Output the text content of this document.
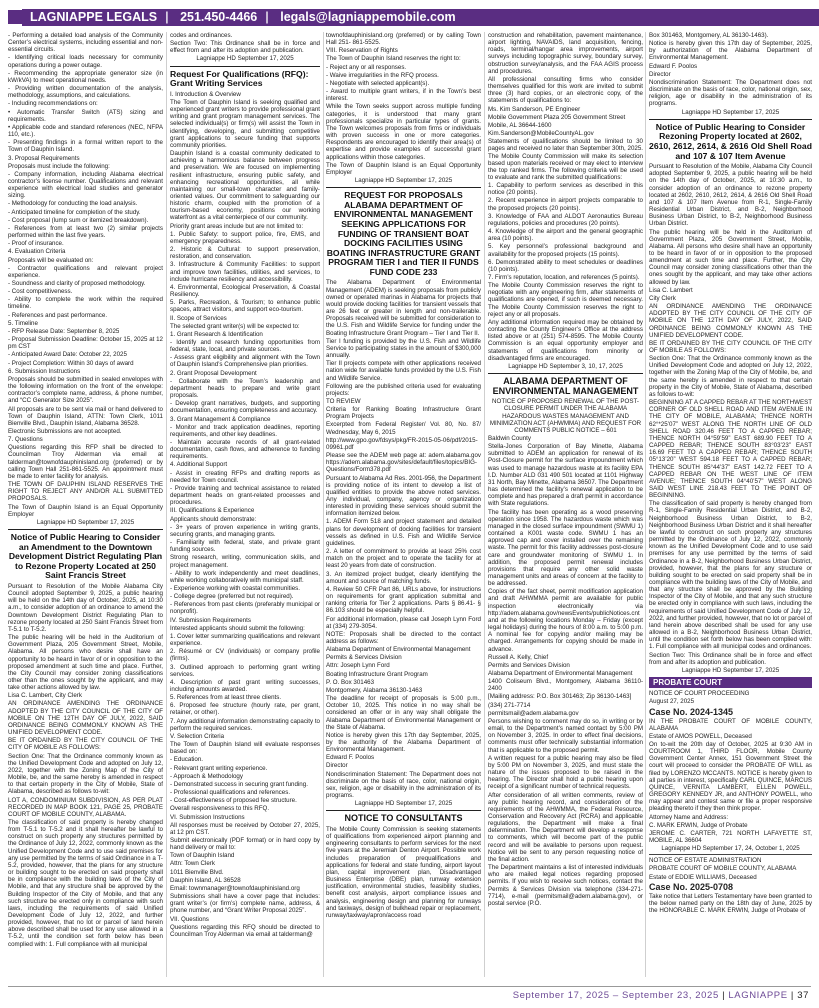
LAGNIAPPE LEGALS | 251.450-4466 | legals@lagniappemobile.com

- Performing a detailed load analysis of the Community Center’s electrical systems, including essential and non-essential circuits.

- Identifying critical loads necessary for community operations during a power outage.

- Recommending the appropriate generator size (in kW/kVA) to meet operational needs.

- Providing written documentation of the analysis, methodology, assumptions, and calculations.

- Including recommendations on:

• Automatic Transfer Switch (ATS) sizing and requirements.

• Applicable code and standard references (NEC, NFPA 110, etc.).

- Presenting findings in a formal written report to the Town of Dauphin Island.

3. Proposal Requirements

Proposals must include the following:

- Company information, including Alabama electrical contractor’s license number. Qualifications and relevant experience with electrical load studies and generator sizing.

- Methodology for conducting the load analysis.

- Anticipated timeline for completion of the study.

- Cost proposal (lump sum or itemized breakdown).

- References from at least two (2) similar projects performed within the last five years.

- Proof of insurance.

4. Evaluation Criteria

Proposals will be evaluated on:

- Contractor qualifications and relevant project experience.

- Soundness and clarity of proposed methodology.

- Cost competitiveness.

- Ability to complete the work within the required timeline.

- References and past performance.

5. Timeline

- RFP Release Date: September 8, 2025

- Proposal Submission Deadline: October 15, 2025 at 12 pm CST

- Anticipated Award Date: October 22, 2025

- Project Completion: Within 30 days of award

6. Submission Instructions

Proposals should be submitted in sealed envelopes with the following information on the front of the envelope: contractor’s complete name, address, & phone number, and “CC Generator Size 2025”.

All proposals are to be sent via mail or hand delivered to Town of Dauphin Island, ATTN: Town Clerk, 1011 Bienville Blvd., Dauphin Island, Alabama 36528.

Electronic Submissions are not accepted.

7. Questions

Questions regarding this RFP shall be directed to Councilman Troy Alderman via email at talderman@townofdauphinisland.org (preferred) or by calling Town Hall 251-861-5525. An appointment must be made to enter facility for analysis.

THE TOWN OF DAUPHIN ISLAND RESERVES THE RIGHT TO REJECT ANY AND/OR ALL SUBMITTED PROPOSALS.

The Town of Dauphin Island is an Equal Opportunity Employer

Lagniappe HD September 17, 2025

Notice of Public Hearing to Consider an Amendment to the Downtown Development District Regulating Plan to Rezone Property Located at 250 Saint Francis Street

Pursuant to Resolution of the Mobile Alabama City Council adopted September 9, 2025, a public hearing will be held on the 14th day of October, 2025, at 10:30 a.m., to consider adoption of an ordinance to amend the Downtown Development District Regulating Plan to rezone property located at 250 Saint Francis Street from T-5.1 to T-5.2.

The public hearing will be held in the Auditorium of Government Plaza, 205 Government Street, Mobile, Alabama. All persons who desire shall have an opportunity to be heard in favor of or in opposition to the proposed amendment at such time and place. Further, the City Council may consider zoning classifications other than the ones sought by the applicant, and may take other actions allowed by law.

Lisa C. Lambert, City Clerk

AN ORDINANCE AMENDING THE ORDINANCE ADOPTED BY THE CITY COUNCIL OF THE CITY OF MOBILE ON THE 12TH DAY OF JULY, 2022, SAID ORDINANCE BEING COMMONLY KNOWN AS THE UNIFIED DEVELOPMENT CODE.

BE IT ORDAINED BY THE CITY COUNCIL OF THE CITY OF MOBILE AS FOLLOWS:

Section One: That the Ordinance commonly known as the Unified Development Code and adopted on July 12, 2022, together with the Zoning Map of the City of Mobile, be, and the same hereby is amended in respect to that certain property in the City of Mobile, State of Alabama, described as follows to-wit:

LOT A, CONDOMINIUM SUBDIVISION, AS PER PLAT RECORDED IN MAP BOOK 121, PAGE 25, PROBATE COURT OF MOBILE COUNTY, ALABAMA.

The classification of said property is hereby changed from T-5.1 to T-5.2 and it shall hereafter be lawful to construct on such property any structures permitted by the Ordinance of July 12, 2022, commonly known as the Unified Development Code and to use said premises for any use permitted by the terms of said Ordinance in a T-5.2, provided, however, that the plans for any structure or building sought to be erected on said property shall be in compliance with the building laws of the City of Mobile, and that any structure shall be approved by the Building Inspector of the City of Mobile, and that any such structure be erected only in compliance with such laws, including the requirements of said Unified Development Code of July 12, 2022, and further provided, however, that no lot or parcel of land herein above described shall be used for any use allowed in a T-5.2, until the condition set forth below has been complied with: 1. Full compliance with all municipal

codes and ordinances.

Section Two: This Ordinance shall be in force and effect from and after its adoption and publication.

Lagniappe HD September 17, 2025

Request For Qualifications (RFQ): Grant Writing Services

I. Introduction & Overview

The Town of Dauphin Island is seeking qualified and experienced grant writers to provide professional grant writing and grant program management services. The selected individual(s) or firm(s) will assist the Town in identifying, developing, and submitting competitive grant applications to secure funding that supports community priorities.

Dauphin Island is a coastal community dedicated to achieving a harmonious balance between progress and preservation. We are focused on implementing resilient infrastructure, ensuring public safety, and enhancing recreational opportunities, all while maintaining our small-town character and family-oriented values. Our commitment to safeguarding our historic charm, coupled with the promotion of a tourism-based economy, positions our working waterfront as a vital centerpiece of our community.

Priority grant areas include but are not limited to:

1. Public Safety: to support police, fire, EMS, and emergency preparedness.

2. Historic & Cultural: to support preservation, restoration, and conservation.

3. Infrastructure & Community Facilities: to support and improve town facilities, utilities, and services, to include hurricane resiliency and accessibility.

4. Environmental, Ecological Preservation, & Coastal Resiliency.

5. Parks, Recreation, & Tourism; to enhance public spaces, attract visitors, and support eco-tourism.

II. Scope of Services

The selected grant writer(s) will be expected to:

1. Grant Research & Identification

- Identify and research funding opportunities from federal, state, local, and private sources.

- Assess grant eligibility and alignment with the Town of Dauphin Island’s Comprehensive plan priorities.

2. Grant Proposal Development

- Collaborate with the Town’s leadership and department heads to prepare and write grant proposals.

- Develop grant narratives, budgets, and supporting documentation, ensuring completeness and accuracy.

3. Grant Management & Compliance

- Monitor and track application deadlines, reporting requirements, and other key deadlines.

- Maintain accurate records of all grant-related documentation, cash flows, and adherence to funding requirements.

4. Additional Support

- Assist in creating RFPs and drafting reports as needed for Town council.

- Provide training and technical assistance to related department heads on grant-related processes and procedures.

III. Qualifications & Experience

Applicants should demonstrate:

- 3+ years of proven experience in writing grants, securing grants, and managing grants.

- Familiarity with federal, state, and private grant funding sources.

Strong research, writing, communication skills, and project management.

- Ability to work independently and meet deadlines, while working collaboratively with municipal staff.

- Experience working with coastal communities.

- College degree (preferred but not required).

- References from past clients (preferably municipal or nonprofit).

IV. Submission Requirements

Interested applicants should submit the following:

1. Cover letter summarizing qualifications and relevant experience.

2. Résumé or CV (individuals) or company profile (firms).

3. Outlined approach to performing grant writing services.

4. Description of past grant writing successes, including amounts awarded.

5. References from at least three clients.

6. Proposed fee structure (hourly rate, per grant, retainer, or other).

7. Any additional information demonstrating capacity to perform the required services.

V. Selection Criteria

The Town of Dauphin Island will evaluate responses based on:

- Education.

- Relevant grant writing experience.

- Approach & Methodology

- Demonstrated success in securing grant funding.

- Professional qualifications and references.

- Cost-effectiveness of proposed fee structure.

Overall responsiveness to this RFQ.

VI. Submission Instructions

All responses must be received by October 27, 2025, at 12 pm CST.

Submit electronically (PDF format) or in hard copy by hand delivery or mail to:

Town of Dauphin Island

Attn: Town Clerk

1011 Bienville Blvd.

Dauphin Island, AL 36528

Email: townmanager@townofdauphinisland.org

Submissions shall have a cover page that includes: grant writer’s (or firm’s) complete name, address, & phone number, and “Grant Writer Proposal 2025”.

VII. Questions

Questions regarding this RFQ should be directed to Councilman Troy Alderman via email at talderman@

townofdauphinisland.org (preferred) or by calling Town Hall 251- 861-5525.

VIII. Reservation of Rights

The Town of Dauphin Island reserves the right to:

- Reject any or all responses.

- Waive irregularities in the RFQ process.

- Negotiate with selected applicant(s).

- Award to multiple grant writers, if in the Town’s best interest.

While the Town seeks support across multiple funding categories, it is understood that many grant professionals specialize in particular types of grants. The Town welcomes proposals from firms or individuals with proven success in one or more categories. Respondents are encouraged to identify their area(s) of expertise and provide examples of successful grant applications within those categories.

The Town of Dauphin Island is an Equal Opportunity Employer

Lagniappe HD September 17, 2025

REQUEST FOR PROPOSALS ALABAMA DEPARTMENT OF ENVIRONMENTAL MANAGEMENT SEEKING APPLICATIONS FOR FUNDING OF TRANSIENT BOAT DOCKING FACILITIES USING BOATING INFRASTRUCTURE GRANT PROGRAM TIER I and TIER II FUNDS FUND CODE 233

The Alabama Department of Environmental Management (ADEM) is seeking proposals from publicly owned or operated marinas in Alabama for projects that would provide docking facilities for transient vessels that are 26 feet or greater in length and non-trailerable. Proposals received will be submitted for consideration to the U.S. Fish and Wildlife Service for funding under the Boating Infrastructure Grant Program – Tier I and Tier II.

Tier I funding is provided by the U.S. Fish and Wildlife Service to participating states in the amount of $300,000 annually.

Tier II projects compete with other applications received nation wide for available funds provided by the U.S. Fish and Wildlife Service.

Following are the published criteria used for evaluating projects:

TO REVIEW

Criteria for Ranking Boating Infrastructure Grant Program Projects

Excerpted from Federal Register/ Vol. 80, No. 87/ Wednesday, May 6, 2015

http://www.gpo.gov/fdsys/pkg/FR-2015-05-06/pdf/2015-09961.pdf

Please see the ADEM web page at: adem.alabama.gov https://adem.alabama.gov/sites/default/files/topics/BIG-Questions/Form378.pdf

Pursuant to Alabama Ad Res. 2001-956, the Department is providing notice of its intent to develop a list of qualified entities to provide the above noted services. Any individual, company, agency or organization interested in providing these services should submit the information itemized below.

1. ADEM Form 518 and project statement and detailed plans for development of docking facilities for transient vessels as defined in U.S. Fish and Wildlife Service guidelines.

2. A letter of commitment to provide at least 25% cost match on the project and to operate the facility for at least 20 years from date of construction.

3. An itemized project budget, clearly identifying the amount and source of matching funds.

4. Review 50 CFR Part 86, URLs above, for instructions on requirements for grant application submittal and ranking criteria for Tier 2 applications. Parts § 86.41- § 86.103 should be especially helpful.

For additional information, please call Joseph Lynn Ford at (334) 279-3054.

NOTE: Proposals shall be directed to the contact address as follows:

Alabama Department of Environmental Management

Permits & Services Division

Attn: Joseph Lynn Ford

Boating Infrastructure Grant Program

P. O. Box 301463

Montgomery, Alabama 36130-1463

The deadline for receipt of proposals is 5:00 p.m., October 10, 2025. This notice in no way shall be considered an offer or in any way shall obligate the Alabama Department of Environmental Management or the State of Alabama.

Notice is hereby given this 17th day September, 2025, by the authority of the Alabama Department of Environmental Management.

Edward F. Poolos

Director

Nondiscrimination Statement: The Department does not discriminate on the basis of race, color, national origin, sex, religion, age or disability in the administration of its programs.

Lagniappe HD September 17, 2025

NOTICE TO CONSULTANTS

The Mobile County Commission is seeking statements of qualifications from experienced airport planning and engineering consultants to perform services for the next five years at the Jeremiah Denton Airport. Possible work includes preparation of prequalifications and applications for federal and state funding, airport layout plan, capital improvement plan, Disadvantaged Business Enterprise (DBE) plan, runway extension justification, environmental studies, feasibility studies, benefit cost analysis, airport compliance issues and analysis, engineering design and planning for runways and taxiways, design of bulkhead repair or replacement, runway/taxiway/apron/access road

construction and rehabilitation, pavement maintenance, airport lighting, NAVAIDS, land acquisition, fencing, roads, terminal/hangar area improvements, airport surveys including topographic survey, boundary survey, obstruction survey/analysis, and the FAA AGIS process and procedures.

All professional consulting firms who consider themselves qualified for this work are invited to submit three (3) hard copies, or an electronic copy, of the statements of qualifications to:

Ms. Kim Sanderson, PE Engineer

Mobile Government Plaza 205 Government Street

Mobile, AL 36644-1600

Kim.Sanderson@MobileCountyAL.gov

Statements of qualifications should be limited to 30 pages and received no later than September 30th, 2025. The Mobile County Commission will make its selection based upon materials received or may elect to interview the top ranked firms. The following criteria will be used to evaluate and rank the submitted qualifications:

1. Capability to perform services as described in this notice (20 points).

2. Recent experience in airport projects comparable to the proposed projects (20 points).

3. Knowledge of FAA and ALDOT Aeronautics Bureau regulations, policies and procedures (20 points).

4. Knowledge of the airport and the general geographic area (10 points).

5. Key personnel’s professional background and availability for the proposed projects (15 points).

6. Demonstrated ability to meet schedules or deadlines (10 points).

7. Firm’s reputation, location, and references (5 points).

The Mobile County Commission reserves the right to negotiate with any engineering firm, after statements of qualifications are opened, if such is deemed necessary. The Mobile County Commission reserves the right to reject any or all proposals.

Any additional information required may be obtained by contacting the County Engineer’s Office at the address listed above or at (251) 574-8595. The Mobile County Commission is an equal opportunity employer and statements of qualifications from minority or disadvantaged firms are encouraged.

Lagniappe HD September 3, 10, 17, 2025

ALABAMA DEPARTMENT OF ENVIRONMENTAL MANAGEMENT

NOTICE OF PROPOSED RENEWAL OF THE POST-CLOSURE PERMIT UNDER THE ALABAMA HAZARDOUS WASTES MANAGEMENT AND MINIMIZATION ACT (AHWMMA) AND REQUEST FOR COMMENTS PUBLIC NOTICE – 601

Baldwin County

Stella-Jones Corporation of Bay Minette, Alabama submitted to ADEM an application for renewal of its Post-Closure permit for the surface impoundment which was used to manage hazardous waste at its facility EPA I.D. Number ALD 031 490 501 located at 1101 Highway 31 North, Bay Minette, Alabama 36507. The Department has determined the facility’s renewal application to be complete and has prepared a draft permit in accordance with State regulations.

The facility has been operating as a wood preserving operation since 1958. The hazardous waste which was managed in the closed surface impoundment (SWMU 1) contained a K001 waste code. SWMU 1 has an approved cap and cover installed over the remaining waste. The permit for this facility addresses post-closure care and groundwater monitoring of SWMU 1. In addition, the proposed permit renewal includes provisions that require any other solid waste management units and areas of concern at the facility to be addressed.

Copies of the fact sheet, permit modification application and draft AHWMMA permit are available for public inspection electronically via http://adem.alabama.gov/newsEvents/publicNotices.cnt and at the following locations Monday – Friday (except legal holidays) during the hours of 8:00 a.m. to 5:00 p.m. A nominal fee for copying and/or mailing may be charged. Arrangements for copying should be made in advance.

Russell A. Kelly, Chief

Permits and Services Division

Alabama Department of Environmental Management

1400 Coliseum Blvd., Montgomery, Alabama 36110-2400

[Mailing address: P.O. Box 301463; Zip 36130-1463]

(334) 271-7714

permitsmail@adem.alabama.gov

Persons wishing to comment may do so, in writing or by email, to the Department’s named contact by 5:00 PM on November 3, 2025. In order to effect final decisions, comments must offer technically substantial information that is applicable to the proposed permit.

A written request for a public hearing may also be filed by 5:00 PM on November 3, 2025, and must state the nature of the issues proposed to be raised in the hearing. The Director shall hold a public hearing upon receipt of a significant number of technical requests.

After consideration of all written comments, review of any public hearing record, and consideration of the requirements of the AHWMMA, the Federal Resource, Conservation and Recovery Act (RCRA) and applicable regulations, the Department will make a final determination. The Department will develop a response to comments, which will become part of the public record and will be available to persons upon request. Notice will be sent to any person requesting notice of the final action.

The Department maintains a list of interested individuals who are mailed legal notices regarding proposed permits. If you wish to receive such notices, contact the Permits & Services Division via telephone (334-271-7714), e-mail (permitsmail@adem.alabama.gov), or postal service (P.O.

Box 301463, Montgomery, AL 36130-1463).

Notice is hereby given this 17th day of September, 2025, by authorization of the Alabama Department of Environmental Management.

Edward F. Poolos

Director

Nondiscrimination Statement: The Department does not discriminate on the basis of race, color, national origin, sex, religion, age or disability in the administration of its programs.

Lagniappe HD September 17, 2025

Notice of Public Hearing to Consider Rezoning Property located at 2602, 2610, 2612, 2614, & 2616 Old Shell Road and 107 & 107 Item Avenue

Pursuant to Resolution of the Mobile, Alabama City Council adopted September 9, 2025, a public hearing will be held on the 14th day of October, 2025, at 10:30 a.m., to consider adoption of an ordinance to rezone property located at 2602, 2610, 2612, 2614, & 2616 Old Shell Road and 107 & 107 Item Avenue from R-1, Single-Family Residential Urban District, and B-2, Neighborhood Business Urban District, to B-2, Neighborhood Business Urban District.

The public hearing will be held in the Auditorium of Government Plaza, 205 Government Street, Mobile, Alabama. All persons who desire shall have an opportunity to be heard in favor of or in opposition to the proposed amendment at such time and place. Further, the City Council may consider zoning classifications other than the ones sought by the applicant, and may take other actions allowed by law.

Lisa C. Lambert

City Clerk

AN ORDINANCE AMENDING THE ORDINANCE ADOPTED BY THE CITY COUNCIL OF THE CITY OF MOBILE ON THE 12TH DAY OF JULY, 2022, SAID ORDINANCE BEING COMMONLY KNOWN AS THE UNIFIED DEVELOPMENT CODE.

BE IT ORDAINED BY THE CITY COUNCIL OF THE CITY OF MOBILE AS FOLLOWS:

Section One: That the Ordinance commonly known as the Unified Development Code and adopted on July 12, 2022, together with the Zoning Map of the City of Mobile, be, and the same hereby is amended in respect to that certain property in the City of Mobile, State of Alabama, described as follows to-wit:

BEGINNING AT A CAPPED REBAR AT THE NORTHWEST CORNER OF OLD SHELL ROAD AND ITEM AVENUE IN THE CITY OF MOBILE, ALABAMA; THENCE NORTH 62°*25’07” WEST ALONG THE NORTH LINE OF OLD SHELL ROAD 320.46 FEET TO A CAPPED REBAR; THENCE NORTH 04°59’59” EAST 689.90 FEET TO A CAPPED REBAR; THENCE SOUTH 83°03’23” EAST 16.69 FEET TO A CAPPED REBAR; THENCE SOUTH 05°13’20” WEST 594.18 FEET TO A CAPPED REBAR; THENCE SOUTH 85°44’37” EAST 142.72 FEET TO A CAPPED REBAR ON THE WEST LINE OF ITEM AVENUE; THENCE SOUTH 04°40’57” WEST ALONG SAID WEST LINE 218.43 FEET TO THE POINT OF BEGINNING.

The classification of said property is hereby changed from R-1, Single-Family Residential Urban District, and B-2, Neighborhood Business Urban District, to B-2, Neighborhood Business Urban District and it shall hereafter be lawful to construct on such property any structures permitted by the Ordinance of July 12, 2022, commonly known as the Unified Development Code and to use said premises for any use permitted by the terms of said Ordinance in a B-2, Neighborhood Business Urban District, provided, however, that the plans for any structure or building sought to be erected on said property shall be in compliance with the building laws of the City of Mobile, and that any structure shall be approved by the Building Inspector of the City of Mobile, and that any such structure be erected only in compliance with such laws, including the requirements of said Unified Development Code of July 12, 2022, and further provided, however, that no lot or parcel of land herein above described shall be used for any use allowed in a B-2, Neighborhood Business Urban District, until the condition set forth below has been complied with: 1. Full compliance with all municipal codes and ordinances.

Section Two: This Ordinance shall be in force and effect from and after its adoption and publication.

Lagniappe HD September 17, 2025

PROBATE COURT

NOTICE OF COURT PROCEEDING

August 27, 2025

Case No. 2024-1345

IN THE PROBATE COURT OF MOBILE COUNTY, ALABAMA

Estate of AMOS POWELL, Deceased

On to-wit the 20th day of October, 2025 at 9:30 AM in COURTROOM 1, THIRD FLOOR, Mobile County Government Center Annex, 151 Government Street the court will proceed to consider the PROBATE OF WILL as filed by LORENZO MCCANTS. NOTICE is hereby given to all parties in interest, specifically CARL QUINCE, MARCUS QUINCE, VERNITA LAMBERT, ELLEN POWELL, GREGORY KENNEDY JR, and ANTHONY POWELL, who may appear and contest same or file a proper responsive pleading thereto if they then think proper.

Attorney Name and Address:

C. MARK ERWIN, Judge of Probate

JEROME C. CARTER, 721 NORTH LAFAYETTE ST, MOBILE, AL 36604

Lagniappe HD September 17, 24, October 1, 2025

NOTICE OF ESTATE ADMINISTRATION

PROBATE COURT OF MOBILE COUNTY, ALABAMA

Estate of EDDIE WILLIAMS, Deceased

Case No. 2025-0708

Take notice that Letters Testamentary have been granted to the below named party on the 18th day of June, 2025 by the HONORABLE C. MARK ERWIN, Judge of Probate of

September 17, 2025 – September 23, 2025 | LAGNIAPPE | 37
